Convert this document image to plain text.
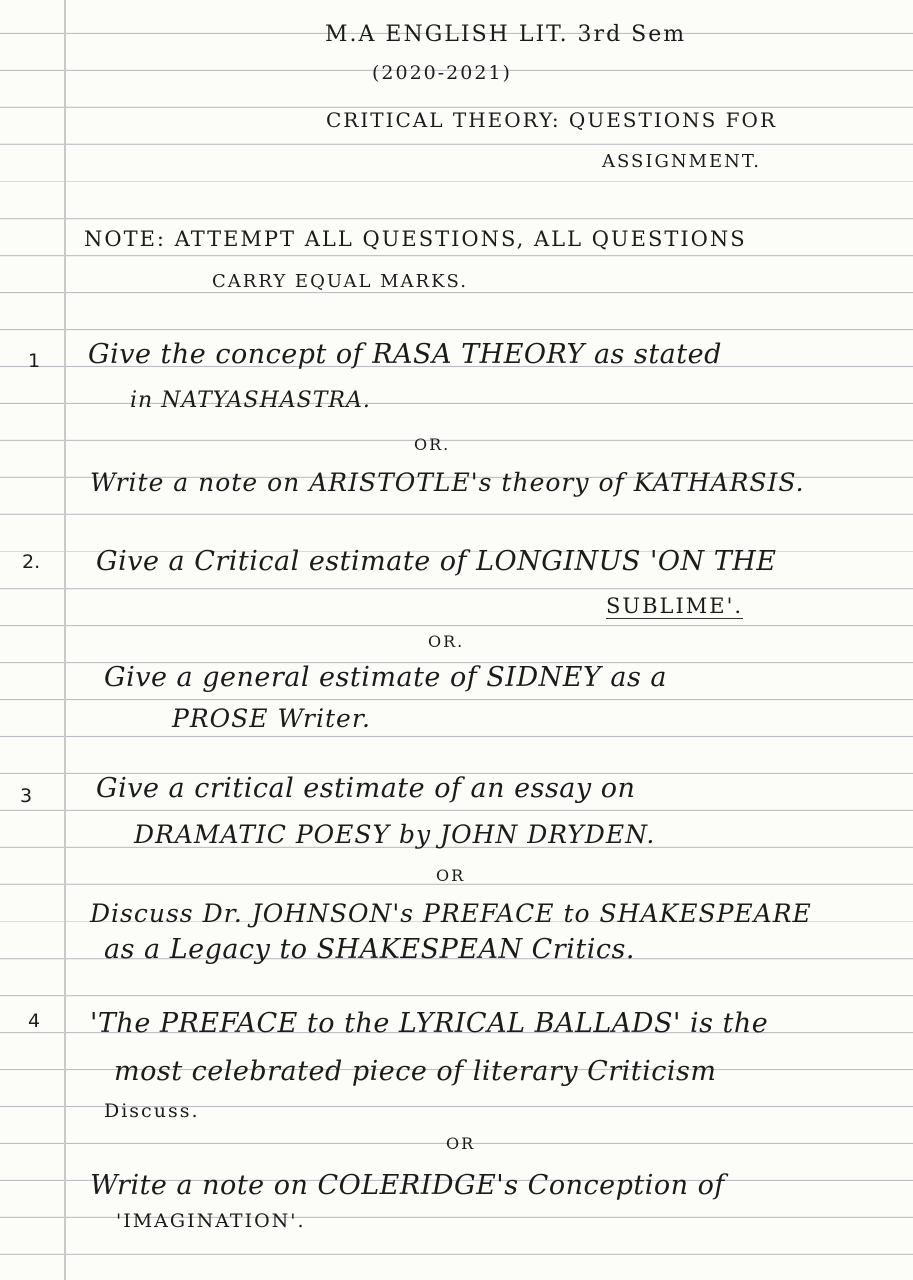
M.A ENGLISH LIT. 3rd Sem
(2020-2021)
CRITICAL THEORY: QUESTIONS FOR
ASSIGNMENT.
NOTE: ATTEMPT ALL QUESTIONS, ALL QUESTIONS
CARRY EQUAL MARKS.
1 Give the concept of RASA THEORY as stated
in NATYASHASTRA.
OR.
Write a note on ARISTOTLE's theory of KATHARSIS.
2. Give a Critical estimate of LONGINUS 'ON THE
SUBLIME'.
OR.
Give a general estimate of SIDNEY as a
PROSE Writer.
3 Give a critical estimate of an essay on
DRAMATIC POESY by JOHN DRYDEN.
OR
Discuss Dr. JOHNSON's PREFACE to SHAKESPEARE
as a Legacy to SHAKESPEAN Critics.
4 'The PREFACE to the LYRICAL BALLADS' is the
most celebrated piece of literary Criticism
Discuss.
OR
Write a note on COLERIDGE's Conception of
'IMAGINATION'.
